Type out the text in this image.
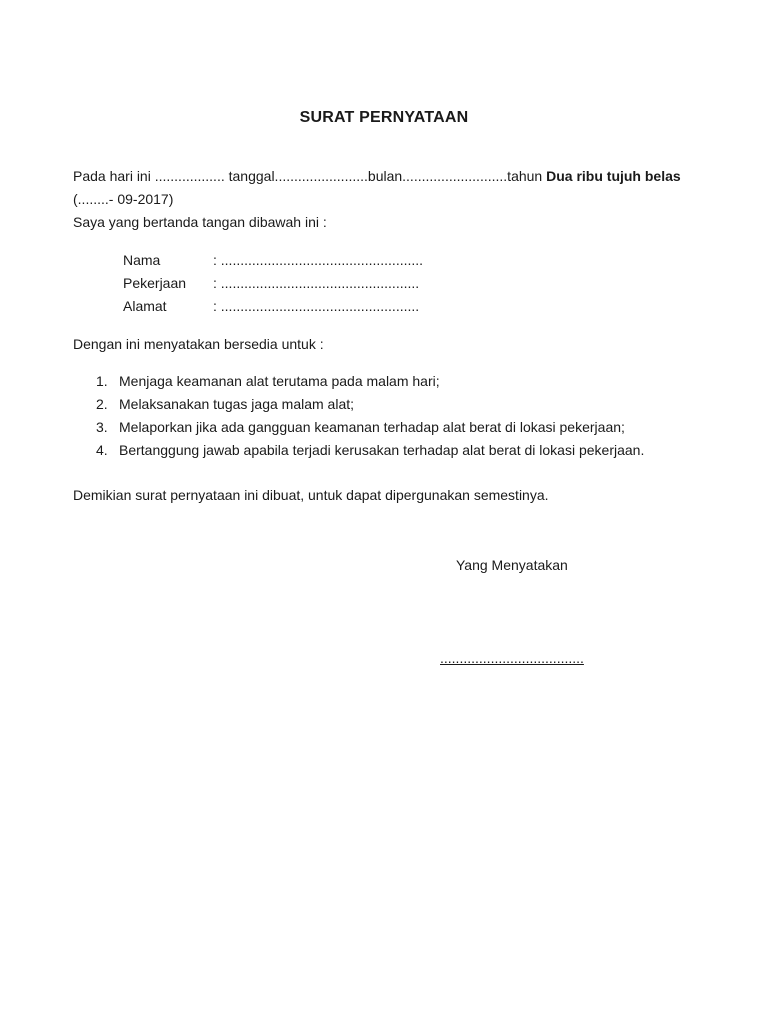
SURAT PERNYATAAN
Pada hari ini .................. tanggal........................bulan...........................tahun Dua ribu tujuh belas
(........- 09-2017)
Saya yang bertanda tangan dibawah ini :
Nama	: ....................................................
Pekerjaan : ...................................................
Alamat	: ...................................................
Dengan ini menyatakan bersedia untuk :
1. Menjaga keamanan alat terutama pada malam hari;
2. Melaksanakan tugas jaga malam alat;
3. Melaporkan jika ada gangguan keamanan terhadap alat berat di lokasi pekerjaan;
4. Bertanggung jawab apabila terjadi kerusakan terhadap alat berat di lokasi pekerjaan.
Demikian surat pernyataan ini dibuat, untuk dapat dipergunakan semestinya.
Yang Menyatakan
.....................................
